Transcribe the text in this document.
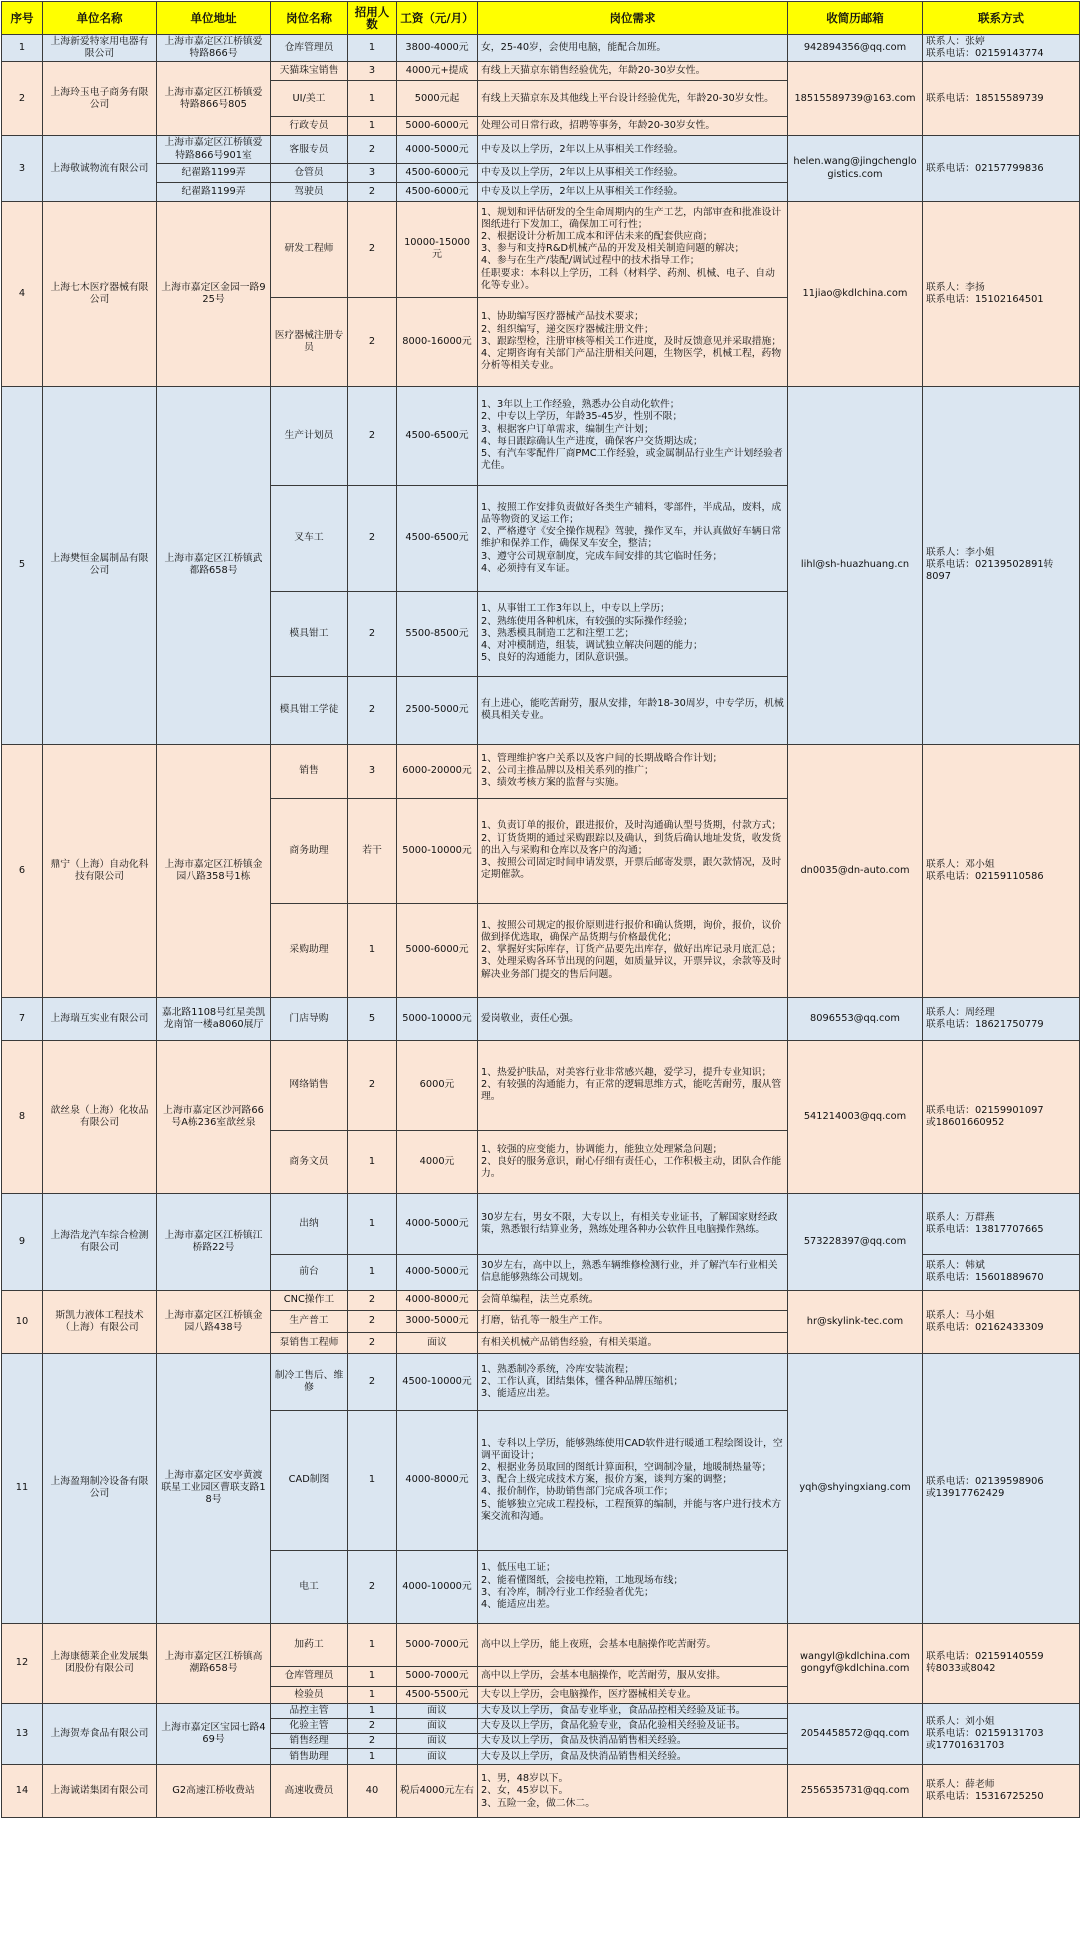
序号	单位名称	单位地址	岗位名称	招用人数	工资（元/月）	岗位需求	收简历邮箱	联系方式
1	上海新爱特家用电器有限公司	上海市嘉定区江桥镇爱特路866号	仓库管理员	1	3800-4000元	女，25-40岁，会使用电脑，能配合加班。	942894356@qq.com	联系人：张婷
联系电话：02159143774
2	上海玲玉电子商务有限公司	上海市嘉定区江桥镇爱特路866号805	天猫珠宝销售	3	4000元+提成	有线上天猫京东销售经验优先，年龄20-30岁女性。	18515589739@163.com	联系电话：18515589739
			UI/美工	1	5000元起	有线上天猫京东及其他线上平台设计经验优先，年龄20-30岁女性。		
			行政专员	1	5000-6000元	处理公司日常行政，招聘等事务，年龄20-30岁女性。		
3	上海敬诚物流有限公司	上海市嘉定区江桥镇爱特路866号901室	客服专员	2	4000-5000元	中专及以上学历，2年以上从事相关工作经验。	helen.wang@jingchenglogistics.com	联系电话：02157799836
		纪翟路1199弄	仓管员	3	4500-6000元	中专及以上学历，2年以上从事相关工作经验。		
		纪翟路1199弄	驾驶员	2	4500-6000元	中专及以上学历，2年以上从事相关工作经验。		
4	上海七木医疗器械有限公司	上海市嘉定区金园一路925号	研发工程师	2	10000-15000元	1、规划和评估研发的全生命周期内的生产工艺，内部审查和批准设计图纸进行下发加工，确保加工可行性；
2、根据设计分析加工成本和评估未来的配套供应商；
3、参与和支持R&D机械产品的开发及相关制造问题的解决；
4、参与在生产/装配/调试过程中的技术指导工作；
任职要求：本科以上学历，工科（材料学、药剂、机械、电子、自动化等专业）。	11jiao@kdlchina.com	联系人：李扬
联系电话：15102164501
			医疗器械注册专员	2	8000-16000元	1、协助编写医疗器械产品技术要求；
2、组织编写，递交医疗器械注册文件；
3、跟踪型检，注册审核等相关工作进度，及时反馈意见并采取措施；
4、定期咨询有关部门产品注册相关问题，生物医学，机械工程，药物分析等相关专业。		
5	上海樊恒金属制品有限公司	上海市嘉定区江桥镇武都路658号	生产计划员	2	4500-6500元	1、3年以上工作经验，熟悉办公自动化软件；
2、中专以上学历，年龄35-45岁，性别不限；
3、根据客户订单需求，编制生产计划；
4、每日跟踪确认生产进度，确保客户交货期达成；
5、有汽车零配件厂商PMC工作经验，或金属制品行业生产计划经验者尤佳。	lihl@sh-huazhuang.cn	联系人：李小姐
联系电话：02139502891转8097
			叉车工	2	4500-6500元	1、按照工作安排负责做好各类生产辅料，零部件，半成品，废料，成品等物资的叉运工作；
2、严格遵守《安全操作规程》驾驶，操作叉车，并认真做好车辆日常维护和保养工作，确保叉车安全，整洁；
3、遵守公司规章制度，完成车间安排的其它临时任务；
4、必须持有叉车证。		
			模具钳工	2	5500-8500元	1、从事钳工工作3年以上，中专以上学历；
2、熟练使用各种机床，有较强的实际操作经验；
3、熟悉模具制造工艺和注塑工艺；
4、对冲模制造，组装，调试独立解决问题的能力；
5、良好的沟通能力，团队意识强。		
			模具钳工学徒	2	2500-5000元	有上进心，能吃苦耐劳，服从安排，年龄18-30周岁，中专学历，机械模具相关专业。		
6	鼎宁（上海）自动化科技有限公司	上海市嘉定区江桥镇金园八路358号1栋	销售	3	6000-20000元	1、管理维护客户关系以及客户间的长期战略合作计划；
2、公司主推品牌以及相关系列的推广；
3、绩效考核方案的监督与实施。	dn0035@dn-auto.com	联系人：邓小姐
联系电话：02159110586
			商务助理	若干	5000-10000元	1、负责订单的报价，跟进报价，及时沟通确认型号货期，付款方式；
2、订货货期的通过采购跟踪以及确认，到货后确认地址发货，收发货的出入与采购和仓库以及客户的沟通；
3、按照公司固定时间申请发票，开票后邮寄发票，跟欠款情况，及时定期催款。		
			采购助理	1	5000-6000元	1、按照公司规定的报价原则进行报价和确认货期，询价，报价，议价做到择优选取，确保产品货期与价格最优化；
2、掌握好实际库存，订货产品要先出库存，做好出库记录月底汇总；
3、处理采购各环节出现的问题，如质量异议，开票异议，余款等及时解决业务部门提交的售后问题。		
7	上海瑞互实业有限公司	嘉北路1108号红星美凯龙南馆一楼a8060展厅	门店导购	5	5000-10000元	爱岗敬业，责任心强。	8096553@qq.com	联系人：周经理
联系电话：18621750779
8	歆丝泉（上海）化妆品有限公司	上海市嘉定区沙河路66号A栋236室歆丝泉	网络销售	2	6000元	1、热爱护肤品，对美容行业非常感兴趣，爱学习，提升专业知识；
2、有较强的沟通能力，有正常的逻辑思维方式，能吃苦耐劳，服从管理。	541214003@qq.com	联系电话：02159901097
或18601660952
			商务文员	1	4000元	1、较强的应变能力，协调能力，能独立处理紧急问题；
2、良好的服务意识，耐心仔细有责任心，工作积极主动，团队合作能力。		
9	上海浩龙汽车综合检测有限公司	上海市嘉定区江桥镇江桥路22号	出纳	1	4000-5000元	30岁左右，男女不限，大专以上，有相关专业证书，了解国家财经政策，熟悉银行结算业务，熟练处理各种办公软件且电脑操作熟练。	573228397@qq.com	联系人：万群燕
联系电话：13817707665
			前台	1	4000-5000元	30岁左右，高中以上，熟悉车辆维修检测行业，并了解汽车行业相关信息能够熟练公司规划。		联系人：韩斌
联系电话：15601889670
10	斯凯力液体工程技术（上海）有限公司	上海市嘉定区江桥镇金园八路438号	CNC操作工	2	4000-8000元	会简单编程，法兰克系统。	hr@skylink-tec.com	联系人：马小姐
联系电话：02162433309
			生产普工	2	3000-5000元	打磨，钻孔等一般生产工作。		
			泵销售工程师	2	面议	有相关机械产品销售经验，有相关渠道。		
11	上海盈翔制冷设备有限公司	上海市嘉定区安亭黄渡联星工业园区曹联支路18号	制冷工售后、维修	2	4500-10000元	1、熟悉制冷系统，冷库安装流程；
2、工作认真，团结集体，懂各种品牌压缩机；
3、能适应出差。	yqh@shyingxiang.com	联系电话：02139598906
或13917762429
			CAD制图	1	4000-8000元	1、专科以上学历，能够熟练使用CAD软件进行暖通工程绘图设计，空调平面设计；
2、根据业务员取回的图纸计算面积，空调制冷量，地暖制热量等；
3、配合上级完成技术方案，报价方案，谈判方案的调整；
4、报价制作，协助销售部门完成各项工作；
5、能够独立完成工程投标，工程预算的编制，并能与客户进行技术方案交流和沟通。		
			电工	2	4000-10000元	1、低压电工证；
2、能看懂图纸，会接电控箱，工地现场布线；
3、有冷库，制冷行业工作经验者优先；
4、能适应出差。		
12	上海康德莱企业发展集团股份有限公司	上海市嘉定区江桥镇高潮路658号	加药工	1	5000-7000元	高中以上学历，能上夜班，会基本电脑操作吃苦耐劳。	wangyl@kdlchina.com
gongyf@kdlchina.com	联系电话：02159140559
转8033或8042
			仓库管理员	1	5000-7000元	高中以上学历，会基本电脑操作，吃苦耐劳，服从安排。		
			检验员	1	4500-5500元	大专以上学历，会电脑操作，医疗器械相关专业。		
13	上海贺寿食品有限公司	上海市嘉定区宝园七路469号	品控主管	1	面议	大专及以上学历，食品专业毕业，食品品控相关经验及证书。	2054458572@qq.com	联系人：刘小姐
联系电话：02159131703
或17701631703
			化验主管	2	面议	大专及以上学历，食品化验专业，食品化验相关经验及证书。		
			销售经理	2	面议	大专及以上学历，食品及快消品销售相关经验。		
			销售助理	1	面议	大专及以上学历，食品及快消品销售相关经验。		
14	上海诚诺集团有限公司	G2高速江桥收费站	高速收费员	40	税后4000元左右	1、男，48岁以下。
2、女，45岁以下。
3、五险一金，做二休二。	2556535731@qq.com	联系人：薛老师
联系电话：15316725250
